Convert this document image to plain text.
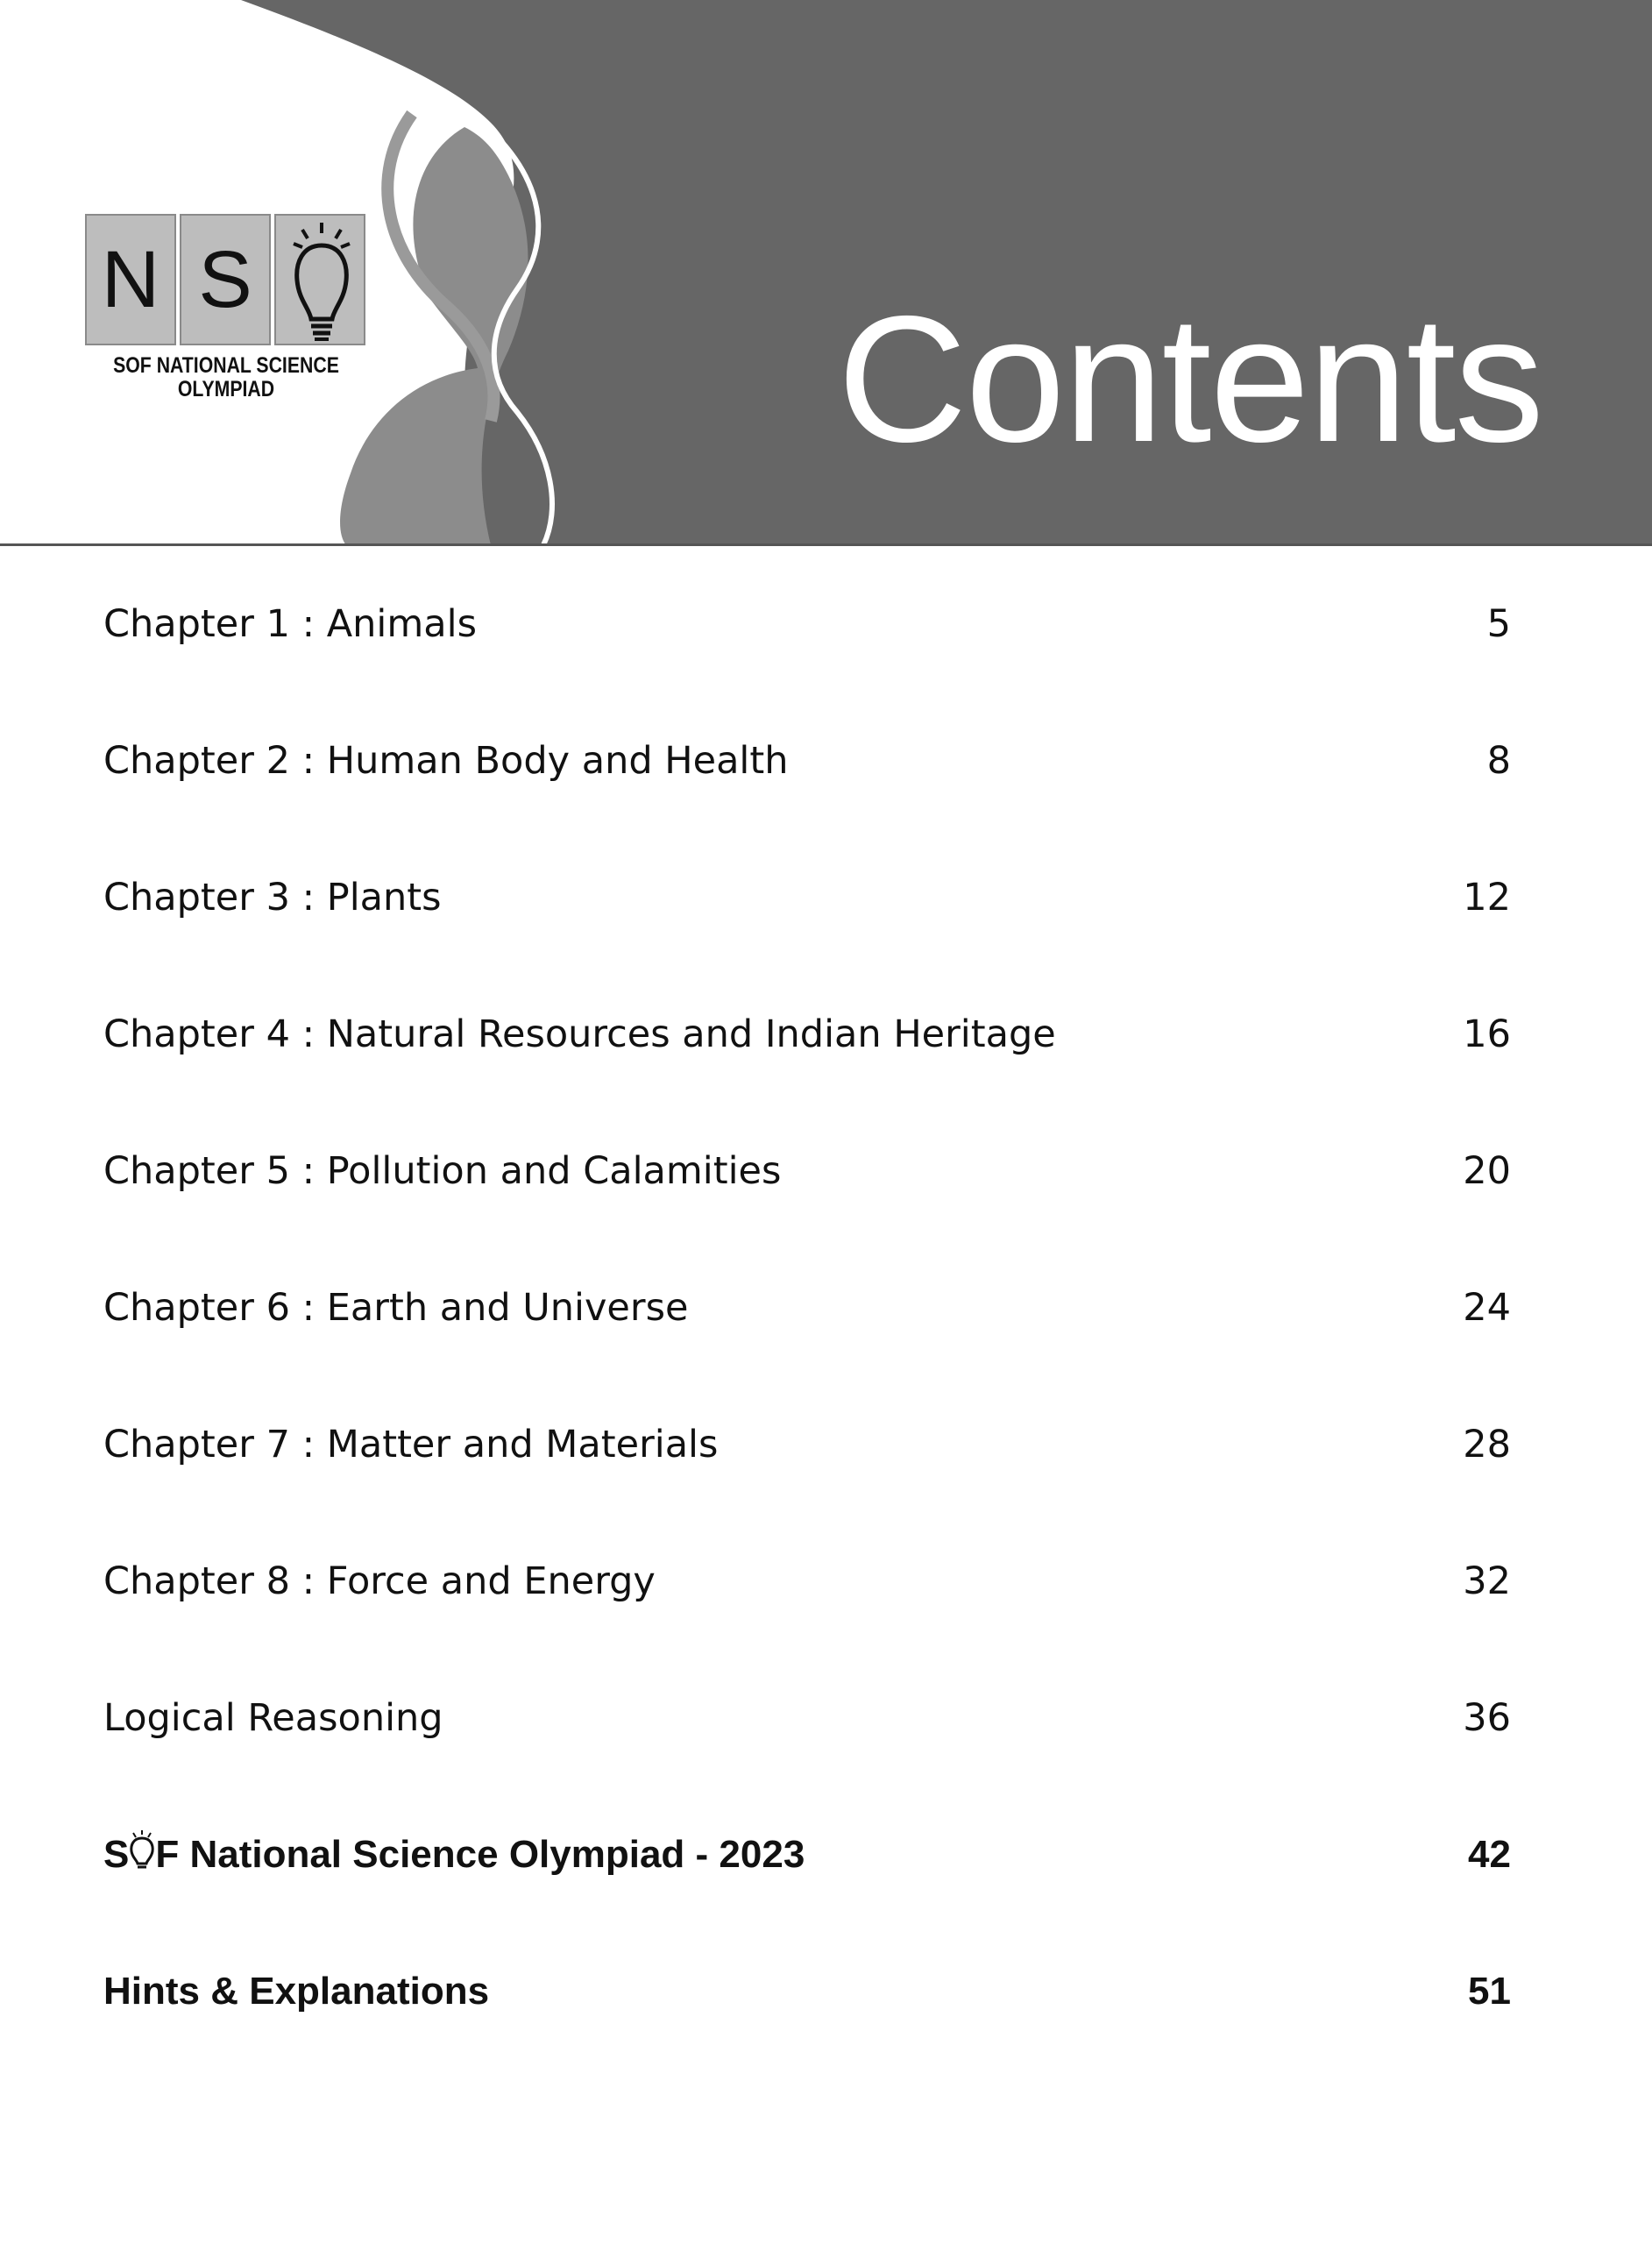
N S
SOF NATIONAL SCIENCE
OLYMPIAD	Contents
Chapter 1 : Animals	5
Chapter 2 : Human Body and Health	8
Chapter 3 : Plants	12
Chapter 4 : Natural Resources and Indian Heritage	16
Chapter 5 : Pollution and Calamities	20
Chapter 6 : Earth and Universe	24
Chapter 7 : Matter and Materials	28
Chapter 8 : Force and Energy	32
Logical Reasoning	36
S F National Science Olympiad - 2023	42
Hints & Explanations	51
